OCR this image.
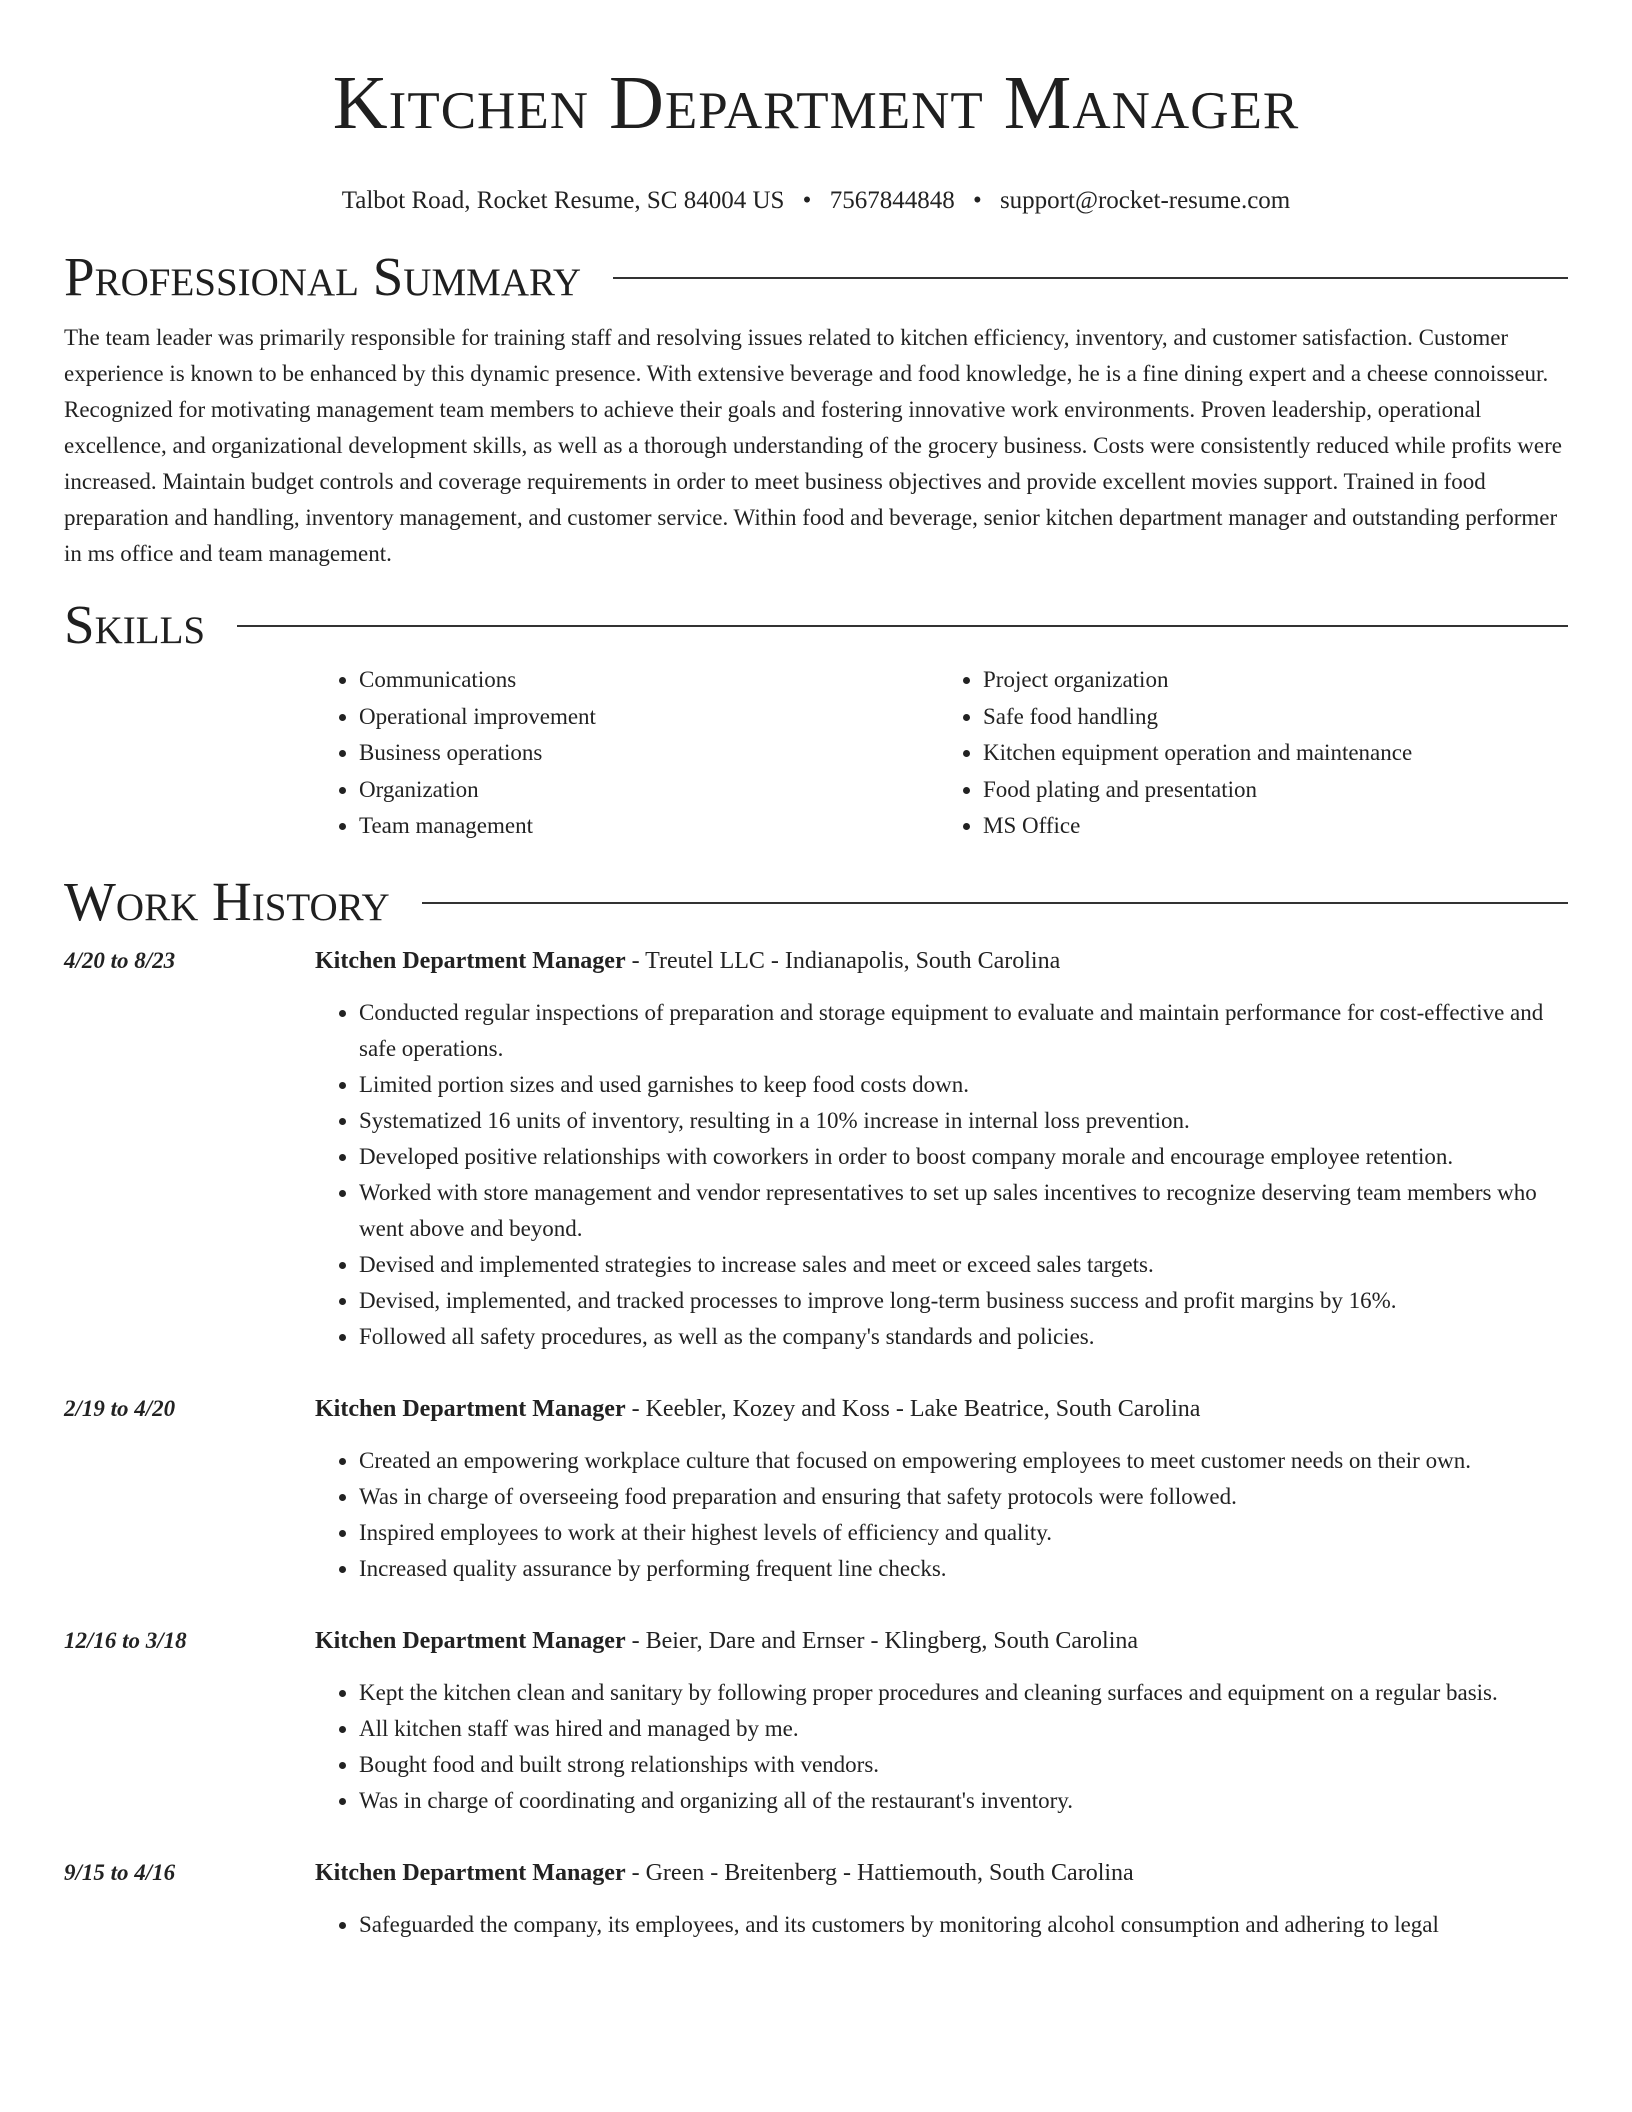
Kitchen Department Manager
Talbot Road, Rocket Resume, SC 84004 US • 7567844848 • support@rocket-resume.com
Professional Summary

The team leader was primarily responsible for training staff and resolving issues related to kitchen efficiency, inventory, and customer satisfaction. Customer experience is known to be enhanced by this dynamic presence. With extensive beverage and food knowledge, he is a fine dining expert and a cheese connoisseur. Recognized for motivating management team members to achieve their goals and fostering innovative work environments. Proven leadership, operational excellence, and organizational development skills, as well as a thorough understanding of the grocery business. Costs were consistently reduced while profits were increased. Maintain budget controls and coverage requirements in order to meet business objectives and provide excellent movies support. Trained in food preparation and handling, inventory management, and customer service. Within food and beverage, senior kitchen department manager and outstanding performer in ms office and team management.

Skills
• Communications
• Operational improvement
• Business operations
• Organization
• Team management
• Project organization
• Safe food handling
• Kitchen equipment operation and maintenance
• Food plating and presentation
• MS Office
Work History
4/20 to 8/23	Kitchen Department Manager - Treutel LLC - Indianapolis, South Carolina
• Conducted regular inspections of preparation and storage equipment to evaluate and maintain performance for cost-effective and safe operations.
• Limited portion sizes and used garnishes to keep food costs down.
• Systematized 16 units of inventory, resulting in a 10% increase in internal loss prevention.
• Developed positive relationships with coworkers in order to boost company morale and encourage employee retention.
• Worked with store management and vendor representatives to set up sales incentives to recognize deserving team members who went above and beyond.
• Devised and implemented strategies to increase sales and meet or exceed sales targets.
• Devised, implemented, and tracked processes to improve long-term business success and profit margins by 16%.
• Followed all safety procedures, as well as the company's standards and policies.
2/19 to 4/20	Kitchen Department Manager - Keebler, Kozey and Koss - Lake Beatrice, South Carolina
• Created an empowering workplace culture that focused on empowering employees to meet customer needs on their own.
• Was in charge of overseeing food preparation and ensuring that safety protocols were followed.
• Inspired employees to work at their highest levels of efficiency and quality.
• Increased quality assurance by performing frequent line checks.
12/16 to 3/18	Kitchen Department Manager - Beier, Dare and Ernser - Klingberg, South Carolina
• Kept the kitchen clean and sanitary by following proper procedures and cleaning surfaces and equipment on a regular basis.
• All kitchen staff was hired and managed by me.
• Bought food and built strong relationships with vendors.
• Was in charge of coordinating and organizing all of the restaurant's inventory.
9/15 to 4/16	Kitchen Department Manager - Green - Breitenberg - Hattiemouth, South Carolina
• Safeguarded the company, its employees, and its customers by monitoring alcohol consumption and adhering to legal
